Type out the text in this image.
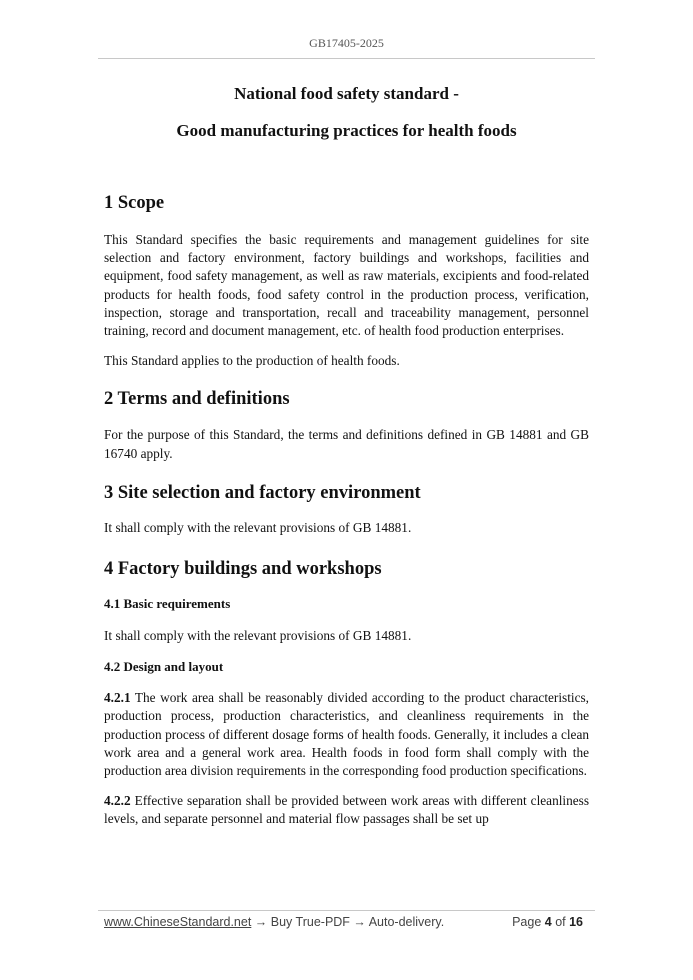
GB17405-2025

National food safety standard -

Good manufacturing practices for health foods

1 Scope

This Standard specifies the basic requirements and management guidelines for site selection and factory environment, factory buildings and workshops, facilities and equipment, food safety management, as well as raw materials, excipients and food-related products for health foods, food safety control in the production process, verification, inspection, storage and transportation, recall and traceability management, personnel training, record and document management, etc. of health food production enterprises.

This Standard applies to the production of health foods.

2 Terms and definitions

For the purpose of this Standard, the terms and definitions defined in GB 14881 and GB 16740 apply.

3 Site selection and factory environment

It shall comply with the relevant provisions of GB 14881.

4 Factory buildings and workshops
4.1 Basic requirements

It shall comply with the relevant provisions of GB 14881.

4.2 Design and layout

4.2.1 The work area shall be reasonably divided according to the product characteristics, production process, production characteristics, and cleanliness requirements in the production process of different dosage forms of health foods. Generally, it includes a clean work area and a general work area. Health foods in food form shall comply with the production area division requirements in the corresponding food production specifications.

4.2.2 Effective separation shall be provided between work areas with different cleanliness levels, and separate personnel and material flow passages shall be set up

www.ChineseStandard.net → Buy True-PDF → Auto-delivery.	Page 4 of 16
